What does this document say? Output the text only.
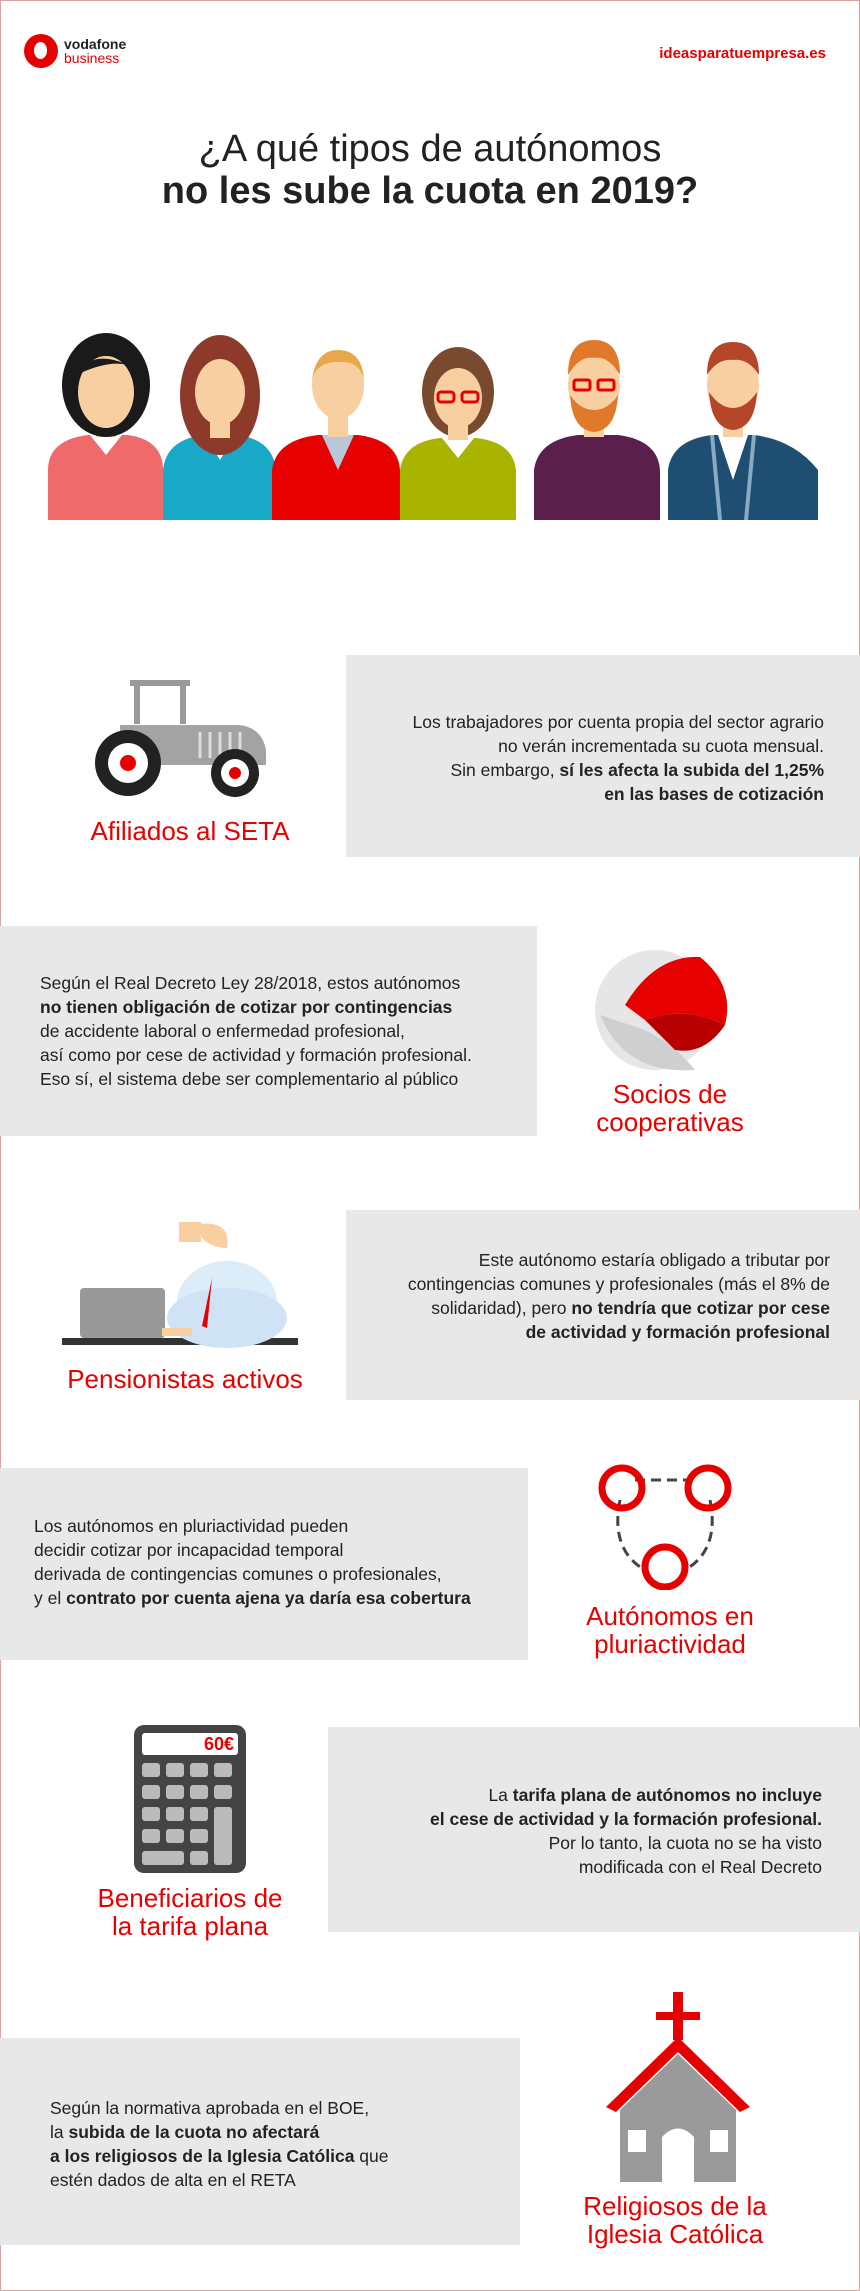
vodafone
business	ideasparatuempresa.es
¿A qué tipos de autónomos
no les sube la cuota en 2019?
Los trabajadores por cuenta propia del sector agrario
no verán incrementada su cuota mensual.
Sin embargo, sí les afecta la subida del 1,25%
en las bases de cotización
Afiliados al SETA
Según el Real Decreto Ley 28/2018, estos autónomos
no tienen obligación de cotizar por contingencias
de accidente laboral o enfermedad profesional,
así como por cese de actividad y formación profesional.
Eso sí, el sistema debe ser complementario al público	Socios de
cooperativas
Este autónomo estaría obligado a tributar por
contingencias comunes y profesionales (más el 8% de
solidaridad), pero no tendría que cotizar por cese
de actividad y formación profesional
Pensionistas activos
Los autónomos en pluriactividad pueden
decidir cotizar por incapacidad temporal
derivada de contingencias comunes o profesionales,
y el contrato por cuenta ajena ya daría esa cobertura
Autónomos en
pluriactividad
La tarifa plana de autónomos no incluye
el cese de actividad y la formación profesional.
Por lo tanto, la cuota no se ha visto
modificada con el Real Decreto
60€
Beneficiarios de
la tarifa plana
Según la normativa aprobada en el BOE,
la subida de la cuota no afectará
a los religiosos de la Iglesia Católica que
estén dados de alta en el RETA
Religiosos de la
Iglesia Católica
